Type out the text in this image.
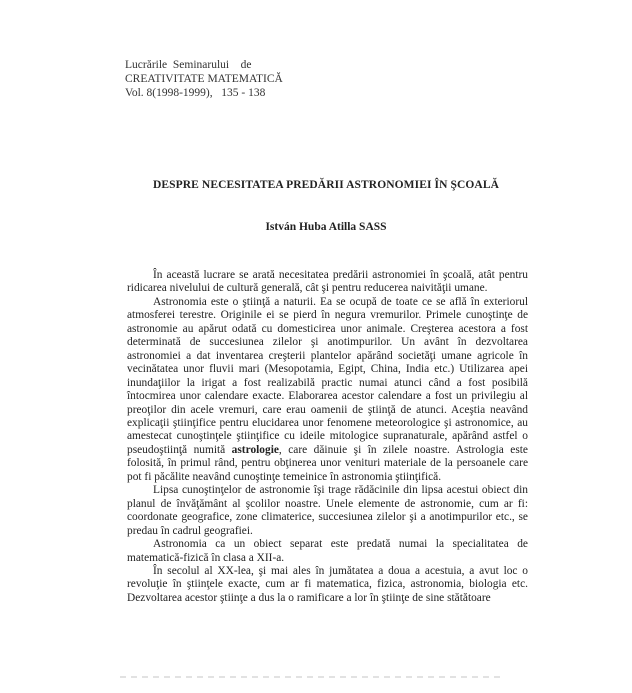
Lucrările  Seminarului    de
CREATIVITATE MATEMATICĂ
Vol. 8(1998-1999),   135 - 138
DESPRE NECESITATEA PREDĂRII ASTRONOMIEI ÎN ŞCOALĂ
István Huba Atilla SASS

În această lucrare se arată necesitatea predării astronomiei în şcoală, atât pentru ridicarea nivelului de cultură generală, cât şi pentru reducerea naivităţii umane.

Astronomia este o ştiinţă a naturii. Ea se ocupă de toate ce se află în exteriorul atmosferei terestre. Originile ei se pierd în negura vremurilor. Primele cunoştinţe de astronomie au apărut odată cu domesticirea unor animale. Creşterea acestora a fost determinată de succesiunea zilelor şi anotimpurilor. Un avânt în dezvoltarea astronomiei a dat inventarea creşterii plantelor apărând societăţi umane agricole în vecinătatea unor fluvii mari (Mesopotamia, Egipt, China, India etc.) Utilizarea apei inundaţiilor la irigat a fost realizabilă practic numai atunci când a fost posibilă întocmirea unor calendare exacte. Elaborarea acestor calendare a fost un privilegiu al preoţilor din acele vremuri, care erau oamenii de ştiinţă de atunci. Aceştia neavând explicaţii ştiinţifice pentru elucidarea unor fenomene meteorologice şi astronomice, au amestecat cunoştinţele ştiinţifice cu ideile mitologice supranaturale, apărând astfel o pseudoştiinţă numită astrologie, care dăinuie şi în zilele noastre. Astrologia este folosită, în primul rând, pentru obţinerea unor venituri materiale de la persoanele care pot fi păcălite neavând cunoştinţe temeinice în astronomia ştiinţifică.

Lipsa cunoştinţelor de astronomie îşi trage rădăcinile din lipsa acestui obiect din planul de învăţământ al şcolilor noastre. Unele elemente de astronomie, cum ar fi: coordonate geografice, zone climaterice, succesiunea zilelor şi a anotimpurilor etc., se predau în cadrul geografiei.

Astronomia ca un obiect separat este predată numai la specialitatea de matematică-fizică în clasa a XII-a.

În secolul al XX-lea, şi mai ales în jumătatea a doua a acestuia, a avut loc o revoluţie în ştiinţele exacte, cum ar fi matematica, fizica, astronomia, biologia etc. Dezvoltarea acestor ştiinţe a dus la o ramificare a lor în ştiinţe de sine stătătoare
